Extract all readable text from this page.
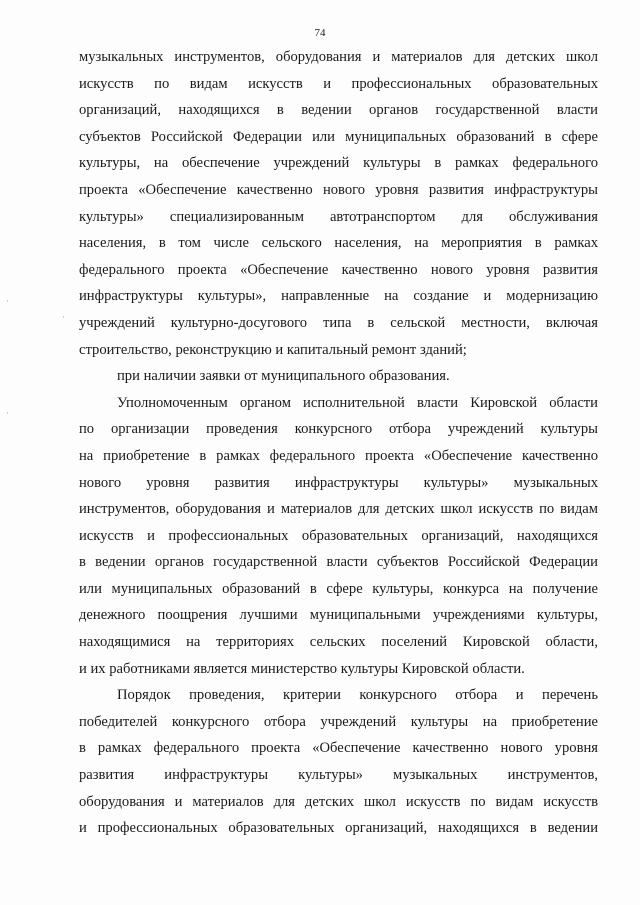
74

музыкальных инструментов, оборудования и материалов для детских школ

искусств по видам искусств и профессиональных образовательных

организаций, находящихся в ведении органов государственной власти

субъектов Российской Федерации или муниципальных образований в сфере

культуры, на обеспечение учреждений культуры в рамках федерального

проекта «Обеспечение качественно нового уровня развития инфраструктуры

культуры» специализированным автотранспортом для обслуживания

населения, в том числе сельского населения, на мероприятия в рамках

федерального проекта «Обеспечение качественно нового уровня развития

инфраструктуры культуры», направленные на создание и модернизацию

учреждений культурно-досугового типа в сельской местности, включая

строительство, реконструкцию и капитальный ремонт зданий;

при наличии заявки от муниципального образования.

Уполномоченным органом исполнительной власти Кировской области

по организации проведения конкурсного отбора учреждений культуры

на приобретение в рамках федерального проекта «Обеспечение качественно

нового уровня развития инфраструктуры культуры» музыкальных

инструментов, оборудования и материалов для детских школ искусств по видам

искусств и профессиональных образовательных организаций, находящихся

в ведении органов государственной власти субъектов Российской Федерации

или муниципальных образований в сфере культуры, конкурса на получение

денежного поощрения лучшими муниципальными учреждениями культуры,

находящимися на территориях сельских поселений Кировской области,

и их работниками является министерство культуры Кировской области.

Порядок проведения, критерии конкурсного отбора и перечень

победителей конкурсного отбора учреждений культуры на приобретение

в рамках федерального проекта «Обеспечение качественно нового уровня

развития инфраструктуры культуры» музыкальных инструментов,

оборудования и материалов для детских школ искусств по видам искусств

и профессиональных образовательных организаций, находящихся в ведении

·
·
·
